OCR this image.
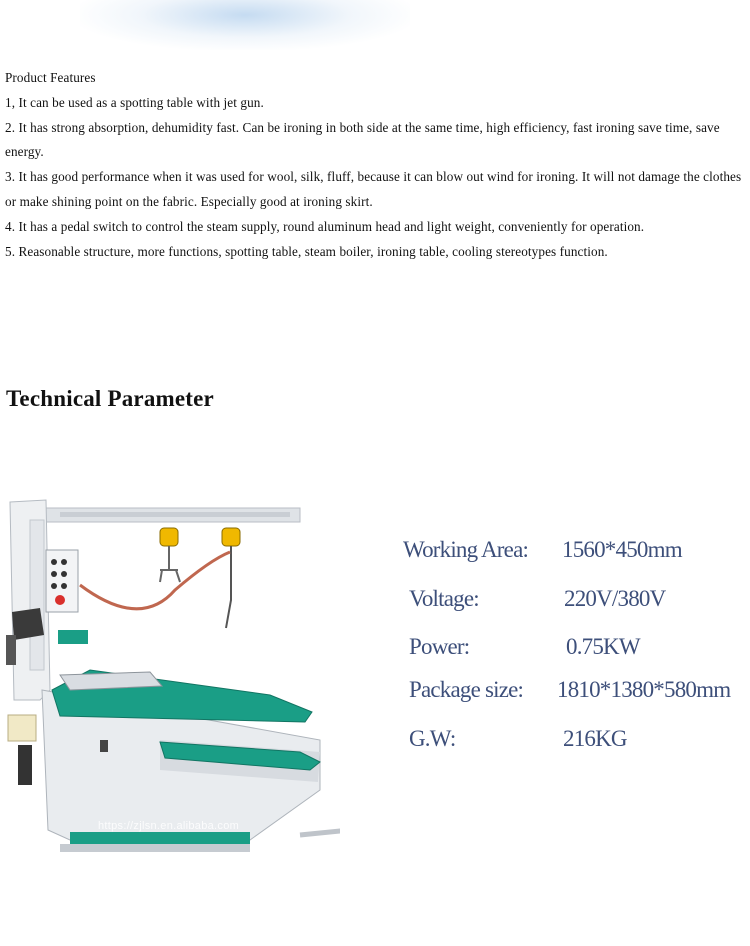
Product Features

1, It can be used as a spotting table with jet gun.

2. It has strong absorption, dehumidity fast. Can be ironing in both side at the same time, high efficiency, fast ironing save time, save energy.

3. It has good performance when it was used for wool, silk, fluff, because it can blow out wind for ironing. It will not damage the clothes or make shining point on the fabric. Especially good at ironing skirt.

4. It has a pedal switch to control the steam supply, round aluminum head and light weight, conveniently for operation.

5. Reasonable structure, more functions, spotting table, steam boiler, ironing table, cooling stereotypes function.

Technical Parameter
https://zjlsn.en.alibaba.com
Working Area: 1560*450mm
Voltage:	220V/380V
Power:	0.75KW
Package size: 1810*1380*580mm
G.W:	216KG
